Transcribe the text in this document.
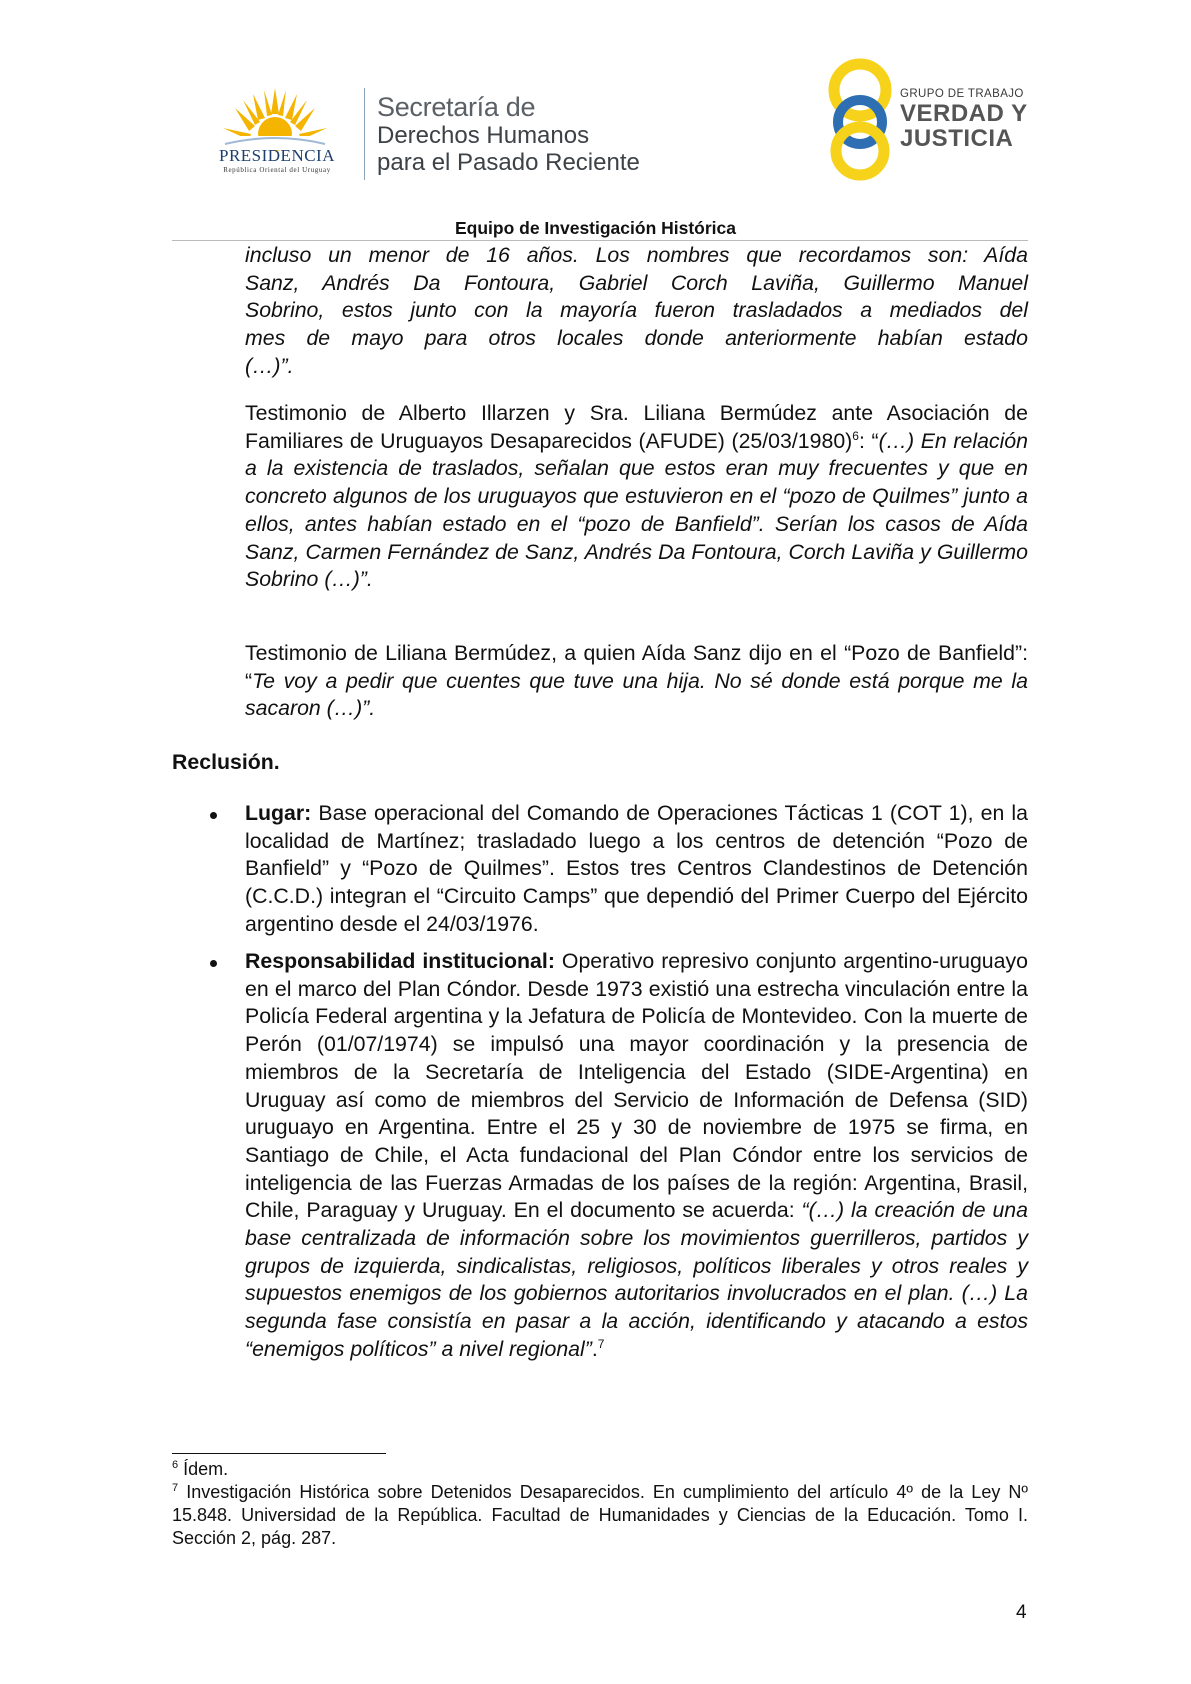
PRESIDENCIA
República Oriental del Uruguay
Secretaría de
Derechos Humanos
para el Pasado Reciente
GRUPO DE TRABAJO
VERDAD Y
JUSTICIA
Equipo de Investigación Histórica
incluso un menor de 16 años. Los nombres que recordamos son: Aída
Sanz, Andrés Da Fontoura, Gabriel Corch Laviña, Guillermo Manuel
Sobrino, estos junto con la mayoría fueron trasladados a mediados del
mes de mayo para otros locales donde anteriormente habían estado
(…)”.

Testimonio de Alberto Illarzen y Sra. Liliana Bermúdez ante Asociación de Familiares de Uruguayos Desaparecidos (AFUDE) $(25/03/1980)^6$: “(…) En relación a la existencia de traslados, señalan que estos eran muy frecuentes y que en concreto algunos de los uruguayos que estuvieron en el “pozo de Quilmes” junto a ellos, antes habían estado en el “pozo de Banfield”. Serían los casos de Aída Sanz, Carmen Fernández de Sanz, Andrés Da Fontoura, Corch Laviña y Guillermo Sobrino (…)”.

Testimonio de Liliana Bermúdez, a quien Aída Sanz dijo en el “Pozo de Banfield”: “Te voy a pedir que cuentes que tuve una hija. No sé donde está porque me la sacaron (…)”.

Reclusión.

Lugar: Base operacional del Comando de Operaciones Tácticas 1 (COT 1), en la localidad de Martínez; trasladado luego a los centros de detención “Pozo de Banfield” y “Pozo de Quilmes”. Estos tres Centros Clandestinos de Detención (C.C.D.) integran el “Circuito Camps” que dependió del Primer Cuerpo del Ejército argentino desde el 24/03/1976.

Responsabilidad institucional: Operativo represivo conjunto argentino-uruguayo en el marco del Plan Cóndor. Desde 1973 existió una estrecha vinculación entre la Policía Federal argentina y la Jefatura de Policía de Montevideo. Con la muerte de Perón (01/07/1974) se impulsó una mayor coordinación y la presencia de miembros de la Secretaría de Inteligencia del Estado (SIDE-Argentina) en Uruguay así como de miembros del Servicio de Información de Defensa (SID) uruguayo en Argentina. Entre el 25 y 30 de noviembre de 1975 se firma, en Santiago de Chile, el Acta fundacional del Plan Cóndor entre los servicios de inteligencia de las Fuerzas Armadas de los países de la región: Argentina, Brasil, Chile, Paraguay y Uruguay. En el documento se acuerda: “(…) la creación de una base centralizada de información sobre los movimientos guerrilleros, partidos y grupos de izquierda, sindicalistas, religiosos, políticos liberales y otros reales y supuestos enemigos de los gobiernos autoritarios involucrados en el plan. (…) La segunda fase consistía en pasar a la acción, identificando y atacando a estos “enemigos políticos” a nivel regional”.$^7$

$^6$ Ídem.

$^7$ Investigación Histórica sobre Detenidos Desaparecidos. En cumplimiento del artículo 4º de la Ley Nº 15.848. Universidad de la República. Facultad de Humanidades y Ciencias de la Educación. Tomo I. Sección 2, pág. 287.

4
